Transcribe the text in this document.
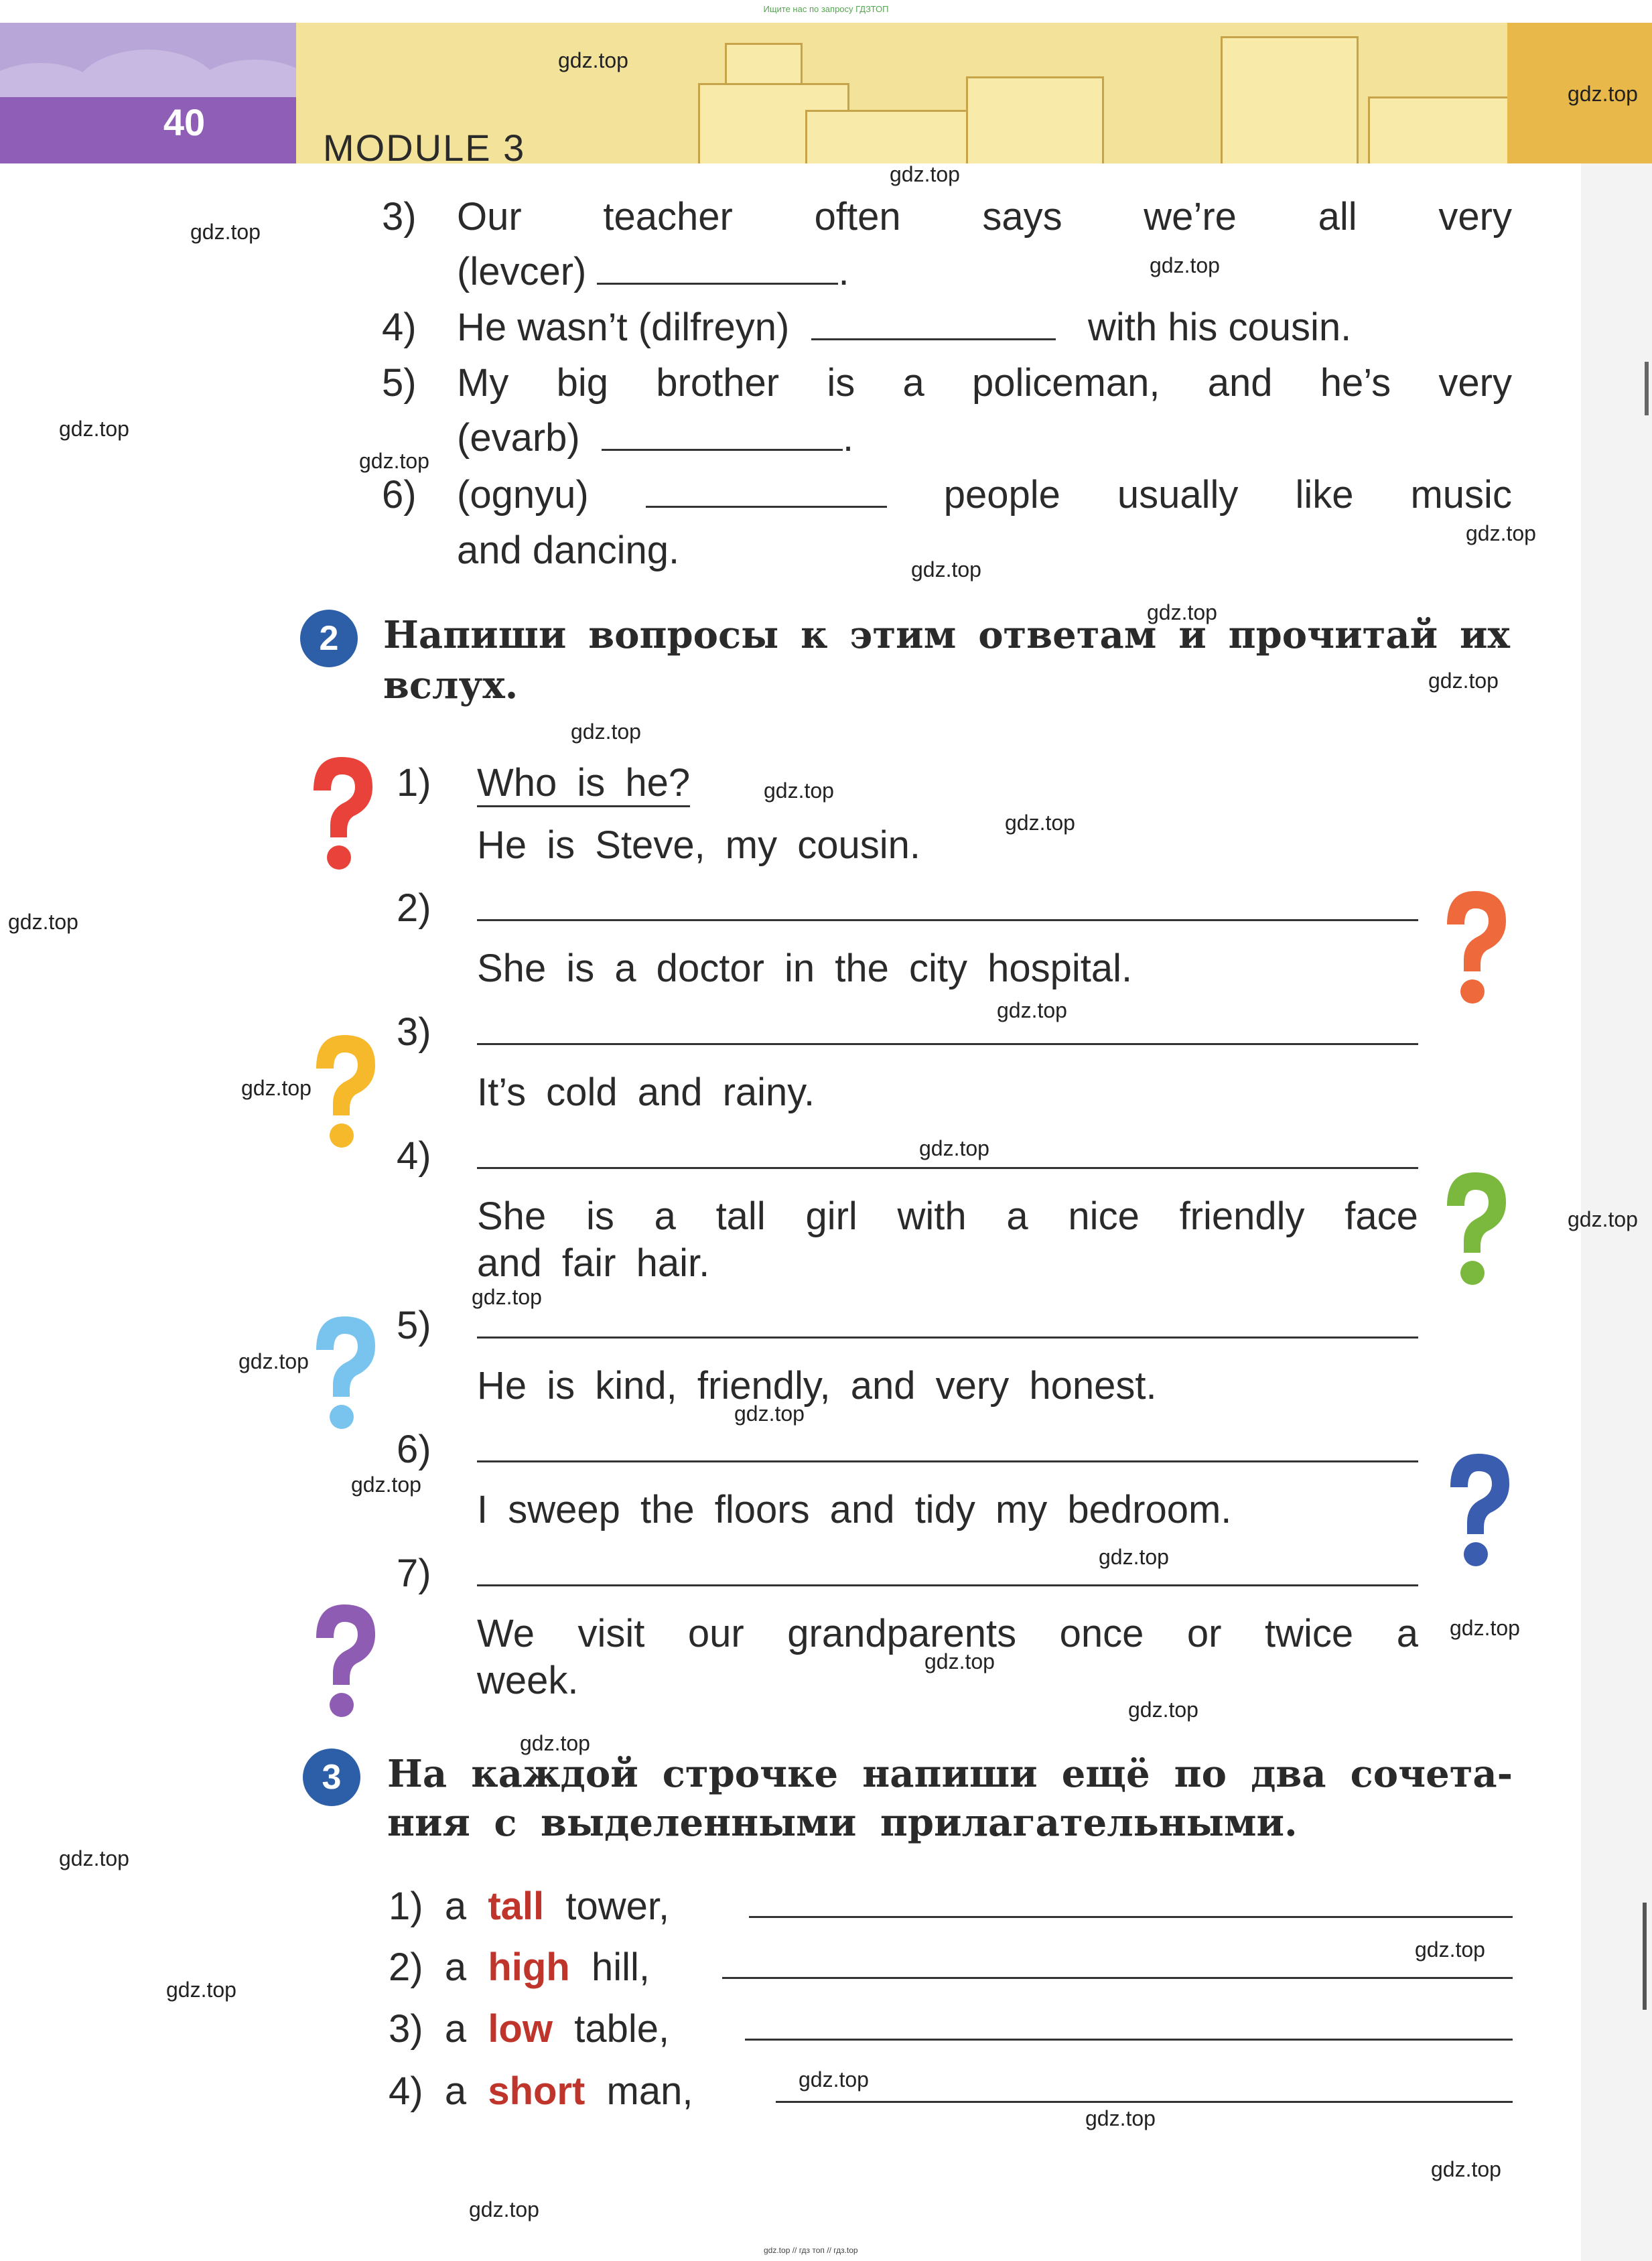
Ищите нас по запросу ГДЗТОП
40
MODULE 3
3) Our teacher often says we’re all very
(levcer)	.
4) He wasn’t (dilfreyn)	with his cousin.
5) My big brother is a policeman, and he’s very
(evarb)	.
6) (ognyu)	people usually like music
and dancing.
2	Напиши вопросы к этим ответам и прочитай их
вслух.
1) Who is he?
He is Steve, my cousin.
2)
She is a doctor in the city hospital.
3)
It’s cold and rainy.
4)
She is a tall girl with a nice friendly face
and fair hair.
5)
He is kind, friendly, and very honest.
6)
I sweep the floors and tidy my bedroom.
7)
We visit our grandparents once or twice a
week.
3	На каждой строчке напиши ещё по два сочета-
ния с выделенными прилагательными.
1) a tall tower,
2) a high hill,
3) a low table,
4) a short man,
gdz.top
gdz.top
gdz.top
gdz.top
gdz.top
gdz.top
gdz.top
gdz.top
gdz.top
gdz.top
gdz.top
gdz.top
gdz.top
gdz.top
gdz.top
gdz.top
gdz.top
gdz.top
gdz.top
gdz.top
gdz.top
gdz.top
gdz.top
gdz.top
gdz.top
gdz.top
gdz.top
gdz.top
gdz.top
gdz.top
gdz.top
gdz.top
gdz.top
gdz.top
gdz.top
gdz.top // гдз топ // гдз.top
